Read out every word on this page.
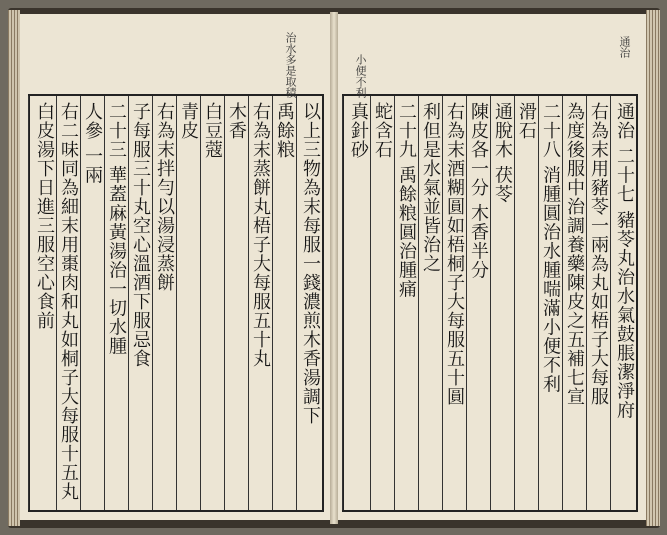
以上三物為末每服一錢濃煎木香湯調下
禹餘粮
右為末蒸餅丸梧子大每服五十丸
木香
白豆蔻
青皮
右為末拌勻以湯浸蒸餅
子每服三十丸空心溫酒下服忌食
二十三 華蓋麻黃湯治一切水腫
人參 一兩
右二味同為細末用棗肉和丸如桐子大每服十五丸
白皮湯下日進三服空心食前
治水多是取積
通治 二十七 豬苓丸治水氣鼓脹潔淨府
右為末用豬苓一兩為丸如梧子大每服
為度後服中治調養藥陳皮之五補七宣
二十八 消腫圓治水腫喘滿小便不利
滑石
通脫木 茯苓
陳皮各一分 木香半分
右為末酒糊圓如梧桐子大每服五十圓
利但是水氣並皆治之
二十九 禹餘粮圓治腫痛
蛇含石
真針砂
通治
小便不利
